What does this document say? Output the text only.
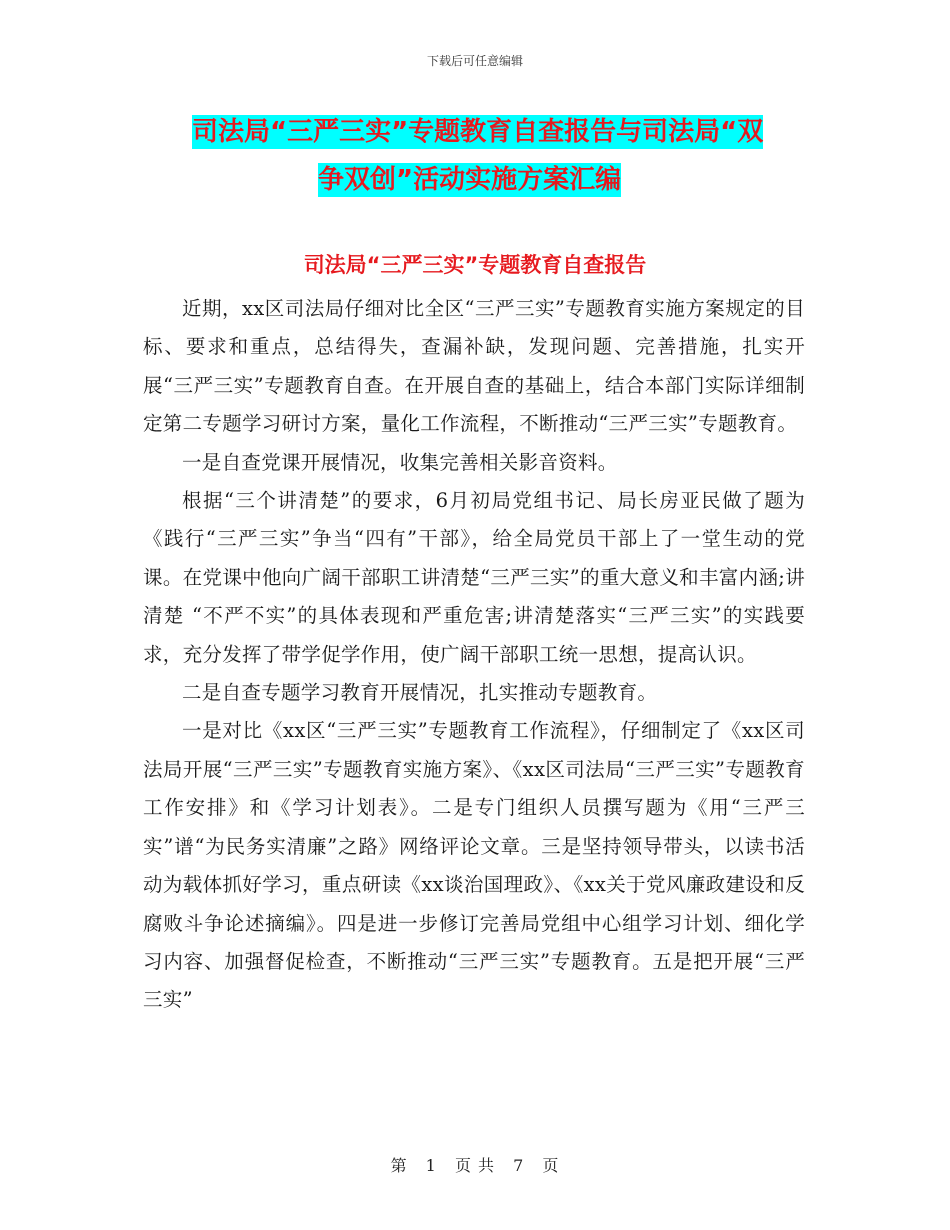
下载后可任意编辑
司法局“三严三实”专题教育自查报告与司法局“双
争双创”活动实施方案汇编
司法局“三严三实”专题教育自查报告

近期，xx区司法局仔细对比全区“三严三实”专题教育实施方案规定的目标、要求和重点，总结得失，查漏补缺，发现问题、完善措施，扎实开展“三严三实”专题教育自查。在开展自查的基础上，结合本部门实际详细制定第二专题学习研讨方案，量化工作流程，不断推动“三严三实”专题教育。

一是自查党课开展情况，收集完善相关影音资料。

根据“三个讲清楚”的要求，6月初局党组书记、局长房亚民做了题为《践行“三严三实”争当“四有”干部》，给全局党员干部上了一堂生动的党课。在党课中他向广阔干部职工讲清楚“三严三实”的重大意义和丰富内涵;讲清楚 “不严不实”的具体表现和严重危害;讲清楚落实“三严三实”的实践要求，充分发挥了带学促学作用，使广阔干部职工统一思想，提高认识。

二是自查专题学习教育开展情况，扎实推动专题教育。

一是对比《xx区“三严三实”专题教育工作流程》，仔细制定了《xx区司法局开展“三严三实”专题教育实施方案》、《xx区司法局“三严三实”专题教育工作安排》和《学习计划表》。二是专门组织人员撰写题为《用“三严三实”谱“为民务实清廉”之路》网络评论文章。三是坚持领导带头，以读书活动为载体抓好学习，重点研读《xx谈治国理政》、《xx关于党风廉政建设和反腐败斗争论述摘编》。四是进一步修订完善局党组中心组学习计划、细化学习内容、加强督促检查，不断推动“三严三实”专题教育。五是把开展“三严三实”

第 1 页 共 7 页
